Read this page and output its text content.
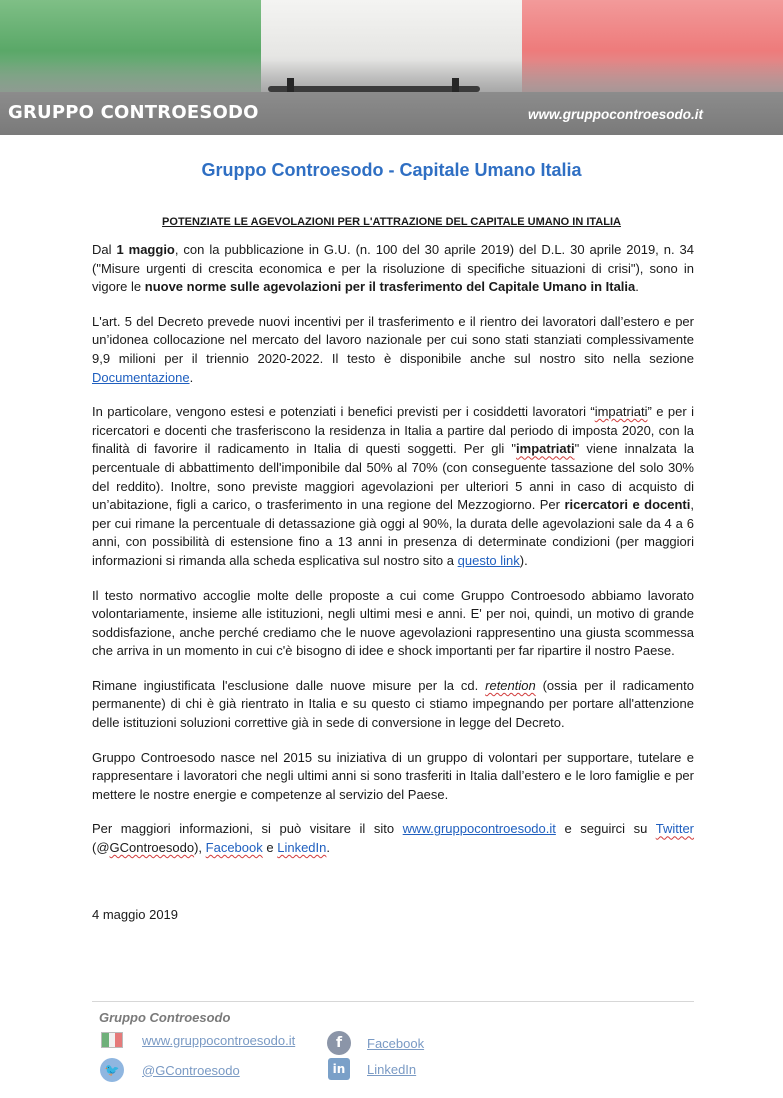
GRUPPO CONTROESODO	www.gruppocontroesodo.it
Gruppo Controesodo - Capitale Umano Italia
POTENZIATE LE AGEVOLAZIONI PER L'ATTRAZIONE DEL CAPITALE UMANO IN ITALIA

Dal 1 maggio, con la pubblicazione in G.U. (n. 100 del 30 aprile 2019) del D.L. 30 aprile 2019, n. 34 ("Misure urgenti di crescita economica e per la risoluzione di specifiche situazioni di crisi"), sono in vigore le nuove norme sulle agevolazioni per il trasferimento del Capitale Umano in Italia.

L'art. 5 del Decreto prevede nuovi incentivi per il trasferimento e il rientro dei lavoratori dall’estero e per un’idonea collocazione nel mercato del lavoro nazionale per cui sono stati stanziati complessivamente 9,9 milioni per il triennio 2020-2022. Il testo è disponibile anche sul nostro sito nella sezione Documentazione.

In particolare, vengono estesi e potenziati i benefici previsti per i cosiddetti lavoratori “impatriati” e per i ricercatori e docenti che trasferiscono la residenza in Italia a partire dal periodo di imposta 2020, con la finalità di favorire il radicamento in Italia di questi soggetti. Per gli "impatriati" viene innalzata la percentuale di abbattimento dell'imponibile dal 50% al 70% (con conseguente tassazione del solo 30% del reddito). Inoltre, sono previste maggiori agevolazioni per ulteriori 5 anni in caso di acquisto di un’abitazione, figli a carico, o trasferimento in una regione del Mezzogiorno. Per ricercatori e docenti, per cui rimane la percentuale di detassazione già oggi al 90%, la durata delle agevolazioni sale da 4 a 6 anni, con possibilità di estensione fino a 13 anni in presenza di determinate condizioni (per maggiori informazioni si rimanda alla scheda esplicativa sul nostro sito a questo link).

Il testo normativo accoglie molte delle proposte a cui come Gruppo Controesodo abbiamo lavorato volontariamente, insieme alle istituzioni, negli ultimi mesi e anni. E' per noi, quindi, un motivo di grande soddisfazione, anche perché crediamo che le nuove agevolazioni rappresentino una giusta scommessa che arriva in un momento in cui c'è bisogno di idee e shock importanti per far ripartire il nostro Paese.

Rimane ingiustificata l'esclusione dalle nuove misure per la cd. retention (ossia per il radicamento permanente) di chi è già rientrato in Italia e su questo ci stiamo impegnando per portare all'attenzione delle istituzioni soluzioni correttive già in sede di conversione in legge del Decreto.

Gruppo Controesodo nasce nel 2015 su iniziativa di un gruppo di volontari per supportare, tutelare e rappresentare i lavoratori che negli ultimi anni si sono trasferiti in Italia dall’estero e le loro famiglie e per mettere le nostre energie e competenze al servizio del Paese.

Per maggiori informazioni, si può visitare il sito www.gruppocontroesodo.it e seguirci su Twitter (@GControesodo), Facebook e LinkedIn.

4 maggio 2019
Gruppo Controesodo
www.gruppocontroesodo.it	f	Facebook
🐦	@GControesodo	in	LinkedIn
